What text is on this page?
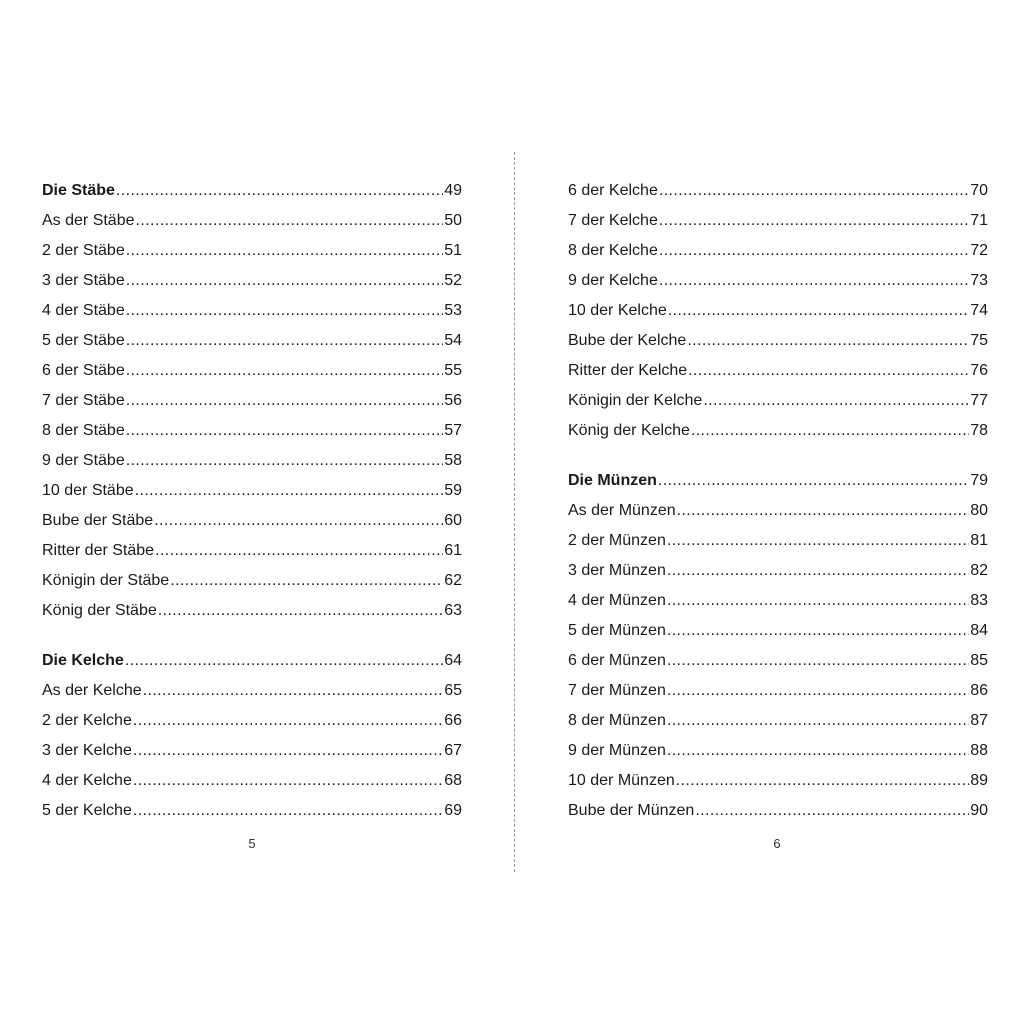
Die Stäbe .....	49
As der Stäbe .....	50
2 der Stäbe .....	51
3 der Stäbe .....	52
4 der Stäbe .....	53
5 der Stäbe .....	54
6 der Stäbe .....	55
7 der Stäbe .....	56
8 der Stäbe .....	57
9 der Stäbe .....	58
10 der Stäbe .....	59
Bube der Stäbe .....	60
Ritter der Stäbe .....	61
Königin der Stäbe .....	62
König der Stäbe .....	63
Die Kelche .....	64
As der Kelche .....	65
2 der Kelche .....	66
3 der Kelche .....	67
4 der Kelche .....	68
5 der Kelche .....	69
6 der Kelche .....	70
7 der Kelche .....	71
8 der Kelche .....	72
9 der Kelche .....	73
10 der Kelche .....	74
Bube der Kelche .....	75
Ritter der Kelche .....	76
Königin der Kelche .....	77
König der Kelche .....	78
Die Münzen .....	79
As der Münzen .....	80
2 der Münzen .....	81
3 der Münzen .....	82
4 der Münzen .....	83
5 der Münzen .....	84
6 der Münzen .....	85
7 der Münzen .....	86
8 der Münzen .....	87
9 der Münzen .....	88
10 der Münzen .....	89
Bube der Münzen .....	90
5	6
